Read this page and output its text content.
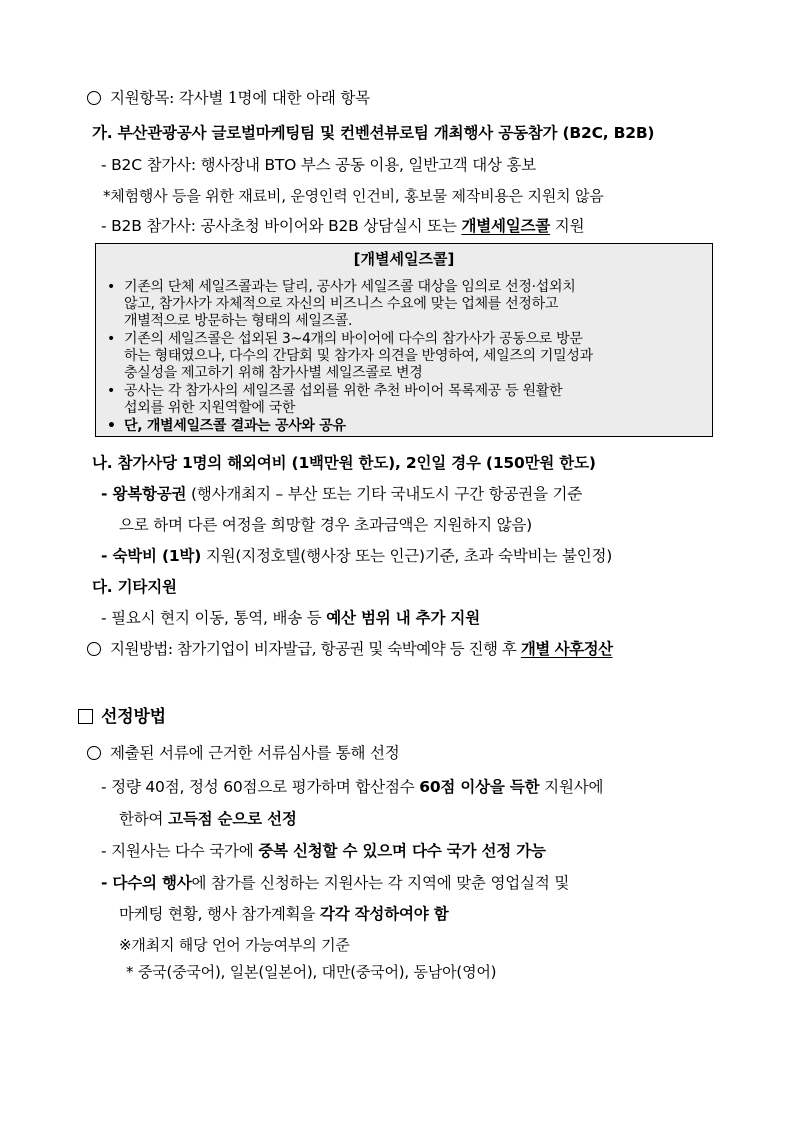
지원항목: 각사별 1명에 대한 아래 항목
가. 부산관광공사 글로벌마케팅팀 및 컨벤션뷰로팀 개최행사 공동참가 (B2C, B2B)
- B2C 참가사: 행사장내 BTO 부스 공동 이용, 일반고객 대상 홍보
*체험행사 등을 위한 재료비, 운영인력 인건비, 홍보물 제작비용은 지원치 않음
- B2B 참가사: 공사초청 바이어와 B2B 상담실시 또는 개별세일즈콜 지원
[개별세일즈콜]
• 기존의 단체 세일즈콜과는 달리, 공사가 세일즈콜 대상을 임의로 선정·섭외치
않고, 참가사가 자체적으로 자신의 비즈니스 수요에 맞는 업체를 선정하고
개별적으로 방문하는 형태의 세일즈콜.
• 기존의 세일즈콜은 섭외된 3~4개의 바이어에 다수의 참가사가 공동으로 방문
하는 형태였으나, 다수의 간담회 및 참가자 의견을 반영하여, 세일즈의 기밀성과
충실성을 제고하기 위해 참가사별 세일즈콜로 변경
• 공사는 각 참가사의 세일즈콜 섭외를 위한 추천 바이어 목록제공 등 원활한
섭외를 위한 지원역할에 국한
• 단, 개별세일즈콜 결과는 공사와 공유
나. 참가사당 1명의 해외여비 (1백만원 한도), 2인일 경우 (150만원 한도)
- 왕복항공권 (행사개최지 – 부산 또는 기타 국내도시 구간 항공권을 기준
으로 하며 다른 여정을 희망할 경우 초과금액은 지원하지 않음)
- 숙박비 (1박) 지원(지정호텔(행사장 또는 인근)기준, 초과 숙박비는 불인정)
다. 기타지원
- 필요시 현지 이동, 통역, 배송 등 예산 범위 내 추가 지원
지원방법: 참가기업이 비자발급, 항공권 및 숙박예약 등 진행 후 개별 사후정산
선정방법
제출된 서류에 근거한 서류심사를 통해 선정
- 정량 40점, 정성 60점으로 평가하며 합산점수 60점 이상을 득한 지원사에
한하여 고득점 순으로 선정
- 지원사는 다수 국가에 중복 신청할 수 있으며 다수 국가 선정 가능
- 다수의 행사에 참가를 신청하는 지원사는 각 지역에 맞춘 영업실적 및
마케팅 현황, 행사 참가계획을 각각 작성하여야 함
※개최지 해당 언어 가능여부의 기준
* 중국(중국어), 일본(일본어), 대만(중국어), 동남아(영어)
